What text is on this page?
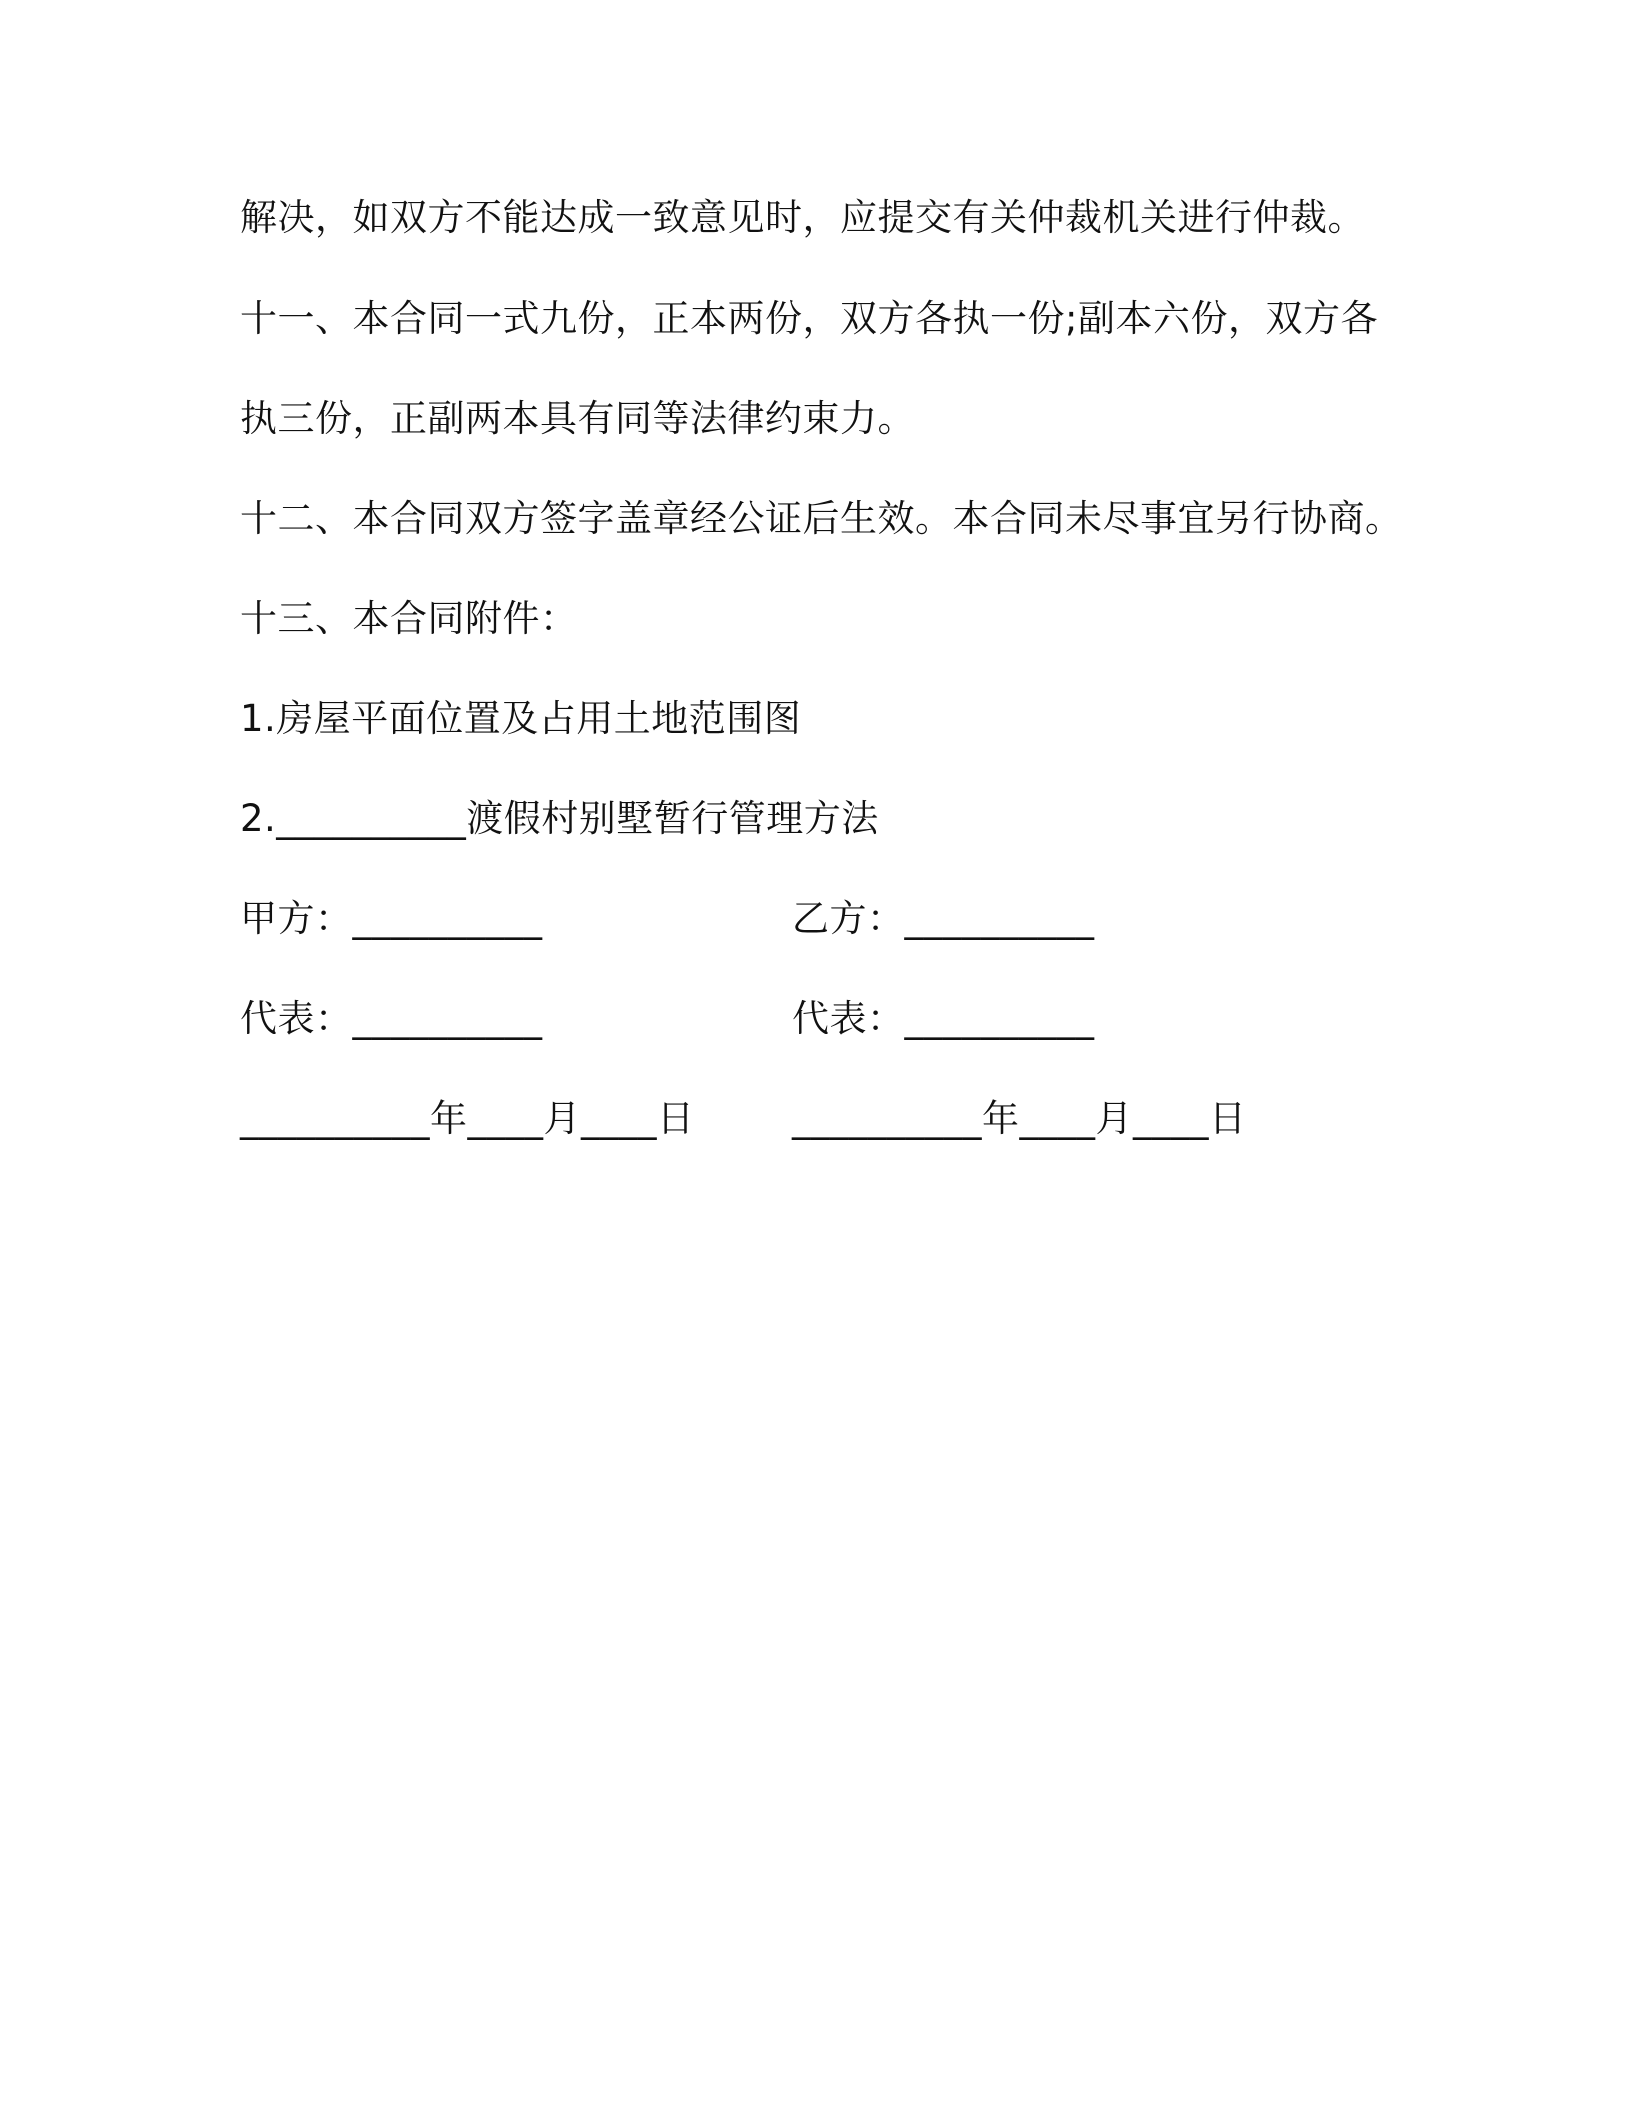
解决，如双方不能达成一致意见时，应提交有关仲裁机关进行仲裁。
十一、本合同一式九份，正本两份，双方各执一份;副本六份，双方各
执三份，正副两本具有同等法律约束力。
十二、本合同双方签字盖章经公证后生效。本合同未尽事宜另行协商。
十三、本合同附件：
1.房屋平面位置及占用土地范围图
2.__________渡假村别墅暂行管理方法
甲方：__________	乙方：__________
代表：__________	代表：__________
__________年____月____日	__________年____月____日
